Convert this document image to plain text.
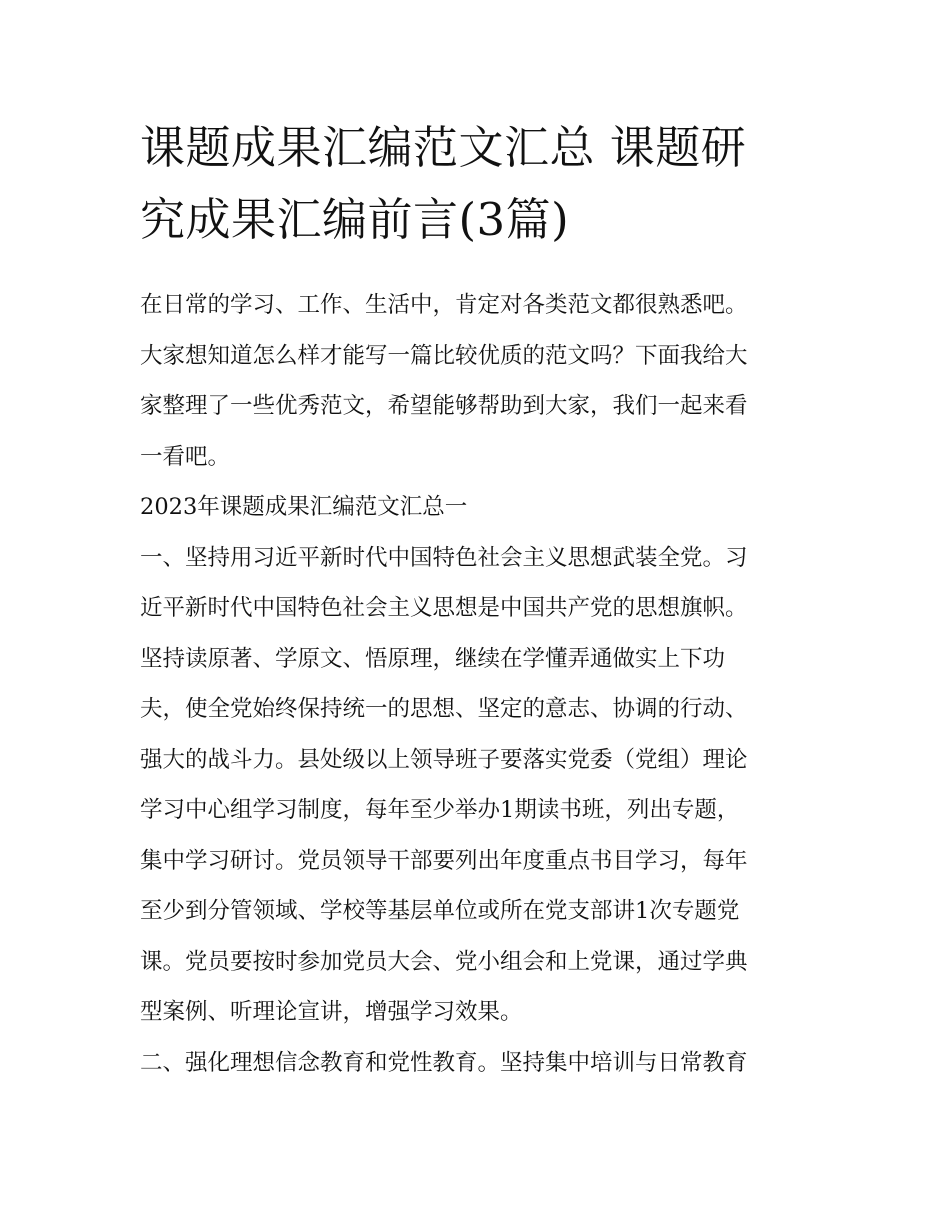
课题成果汇编范文汇总 课题研
究成果汇编前言(3篇)
在日常的学习、工作、生活中，肯定对各类范文都很熟悉吧。
大家想知道怎么样才能写一篇比较优质的范文吗？下面我给大
家整理了一些优秀范文，希望能够帮助到大家，我们一起来看
一看吧。
2023年课题成果汇编范文汇总一
一、坚持用习近平新时代中国特色社会主义思想武装全党。习
近平新时代中国特色社会主义思想是中国共产党的思想旗帜。
坚持读原著、学原文、悟原理，继续在学懂弄通做实上下功
夫，使全党始终保持统一的思想、坚定的意志、协调的行动、
强大的战斗力。县处级以上领导班子要落实党委（党组）理论
学习中心组学习制度，每年至少举办1期读书班，列出专题，
集中学习研讨。党员领导干部要列出年度重点书目学习，每年
至少到分管领域、学校等基层单位或所在党支部讲1次专题党
课。党员要按时参加党员大会、党小组会和上党课，通过学典
型案例、听理论宣讲，增强学习效果。
二、强化理想信念教育和党性教育。坚持集中培训与日常教育
